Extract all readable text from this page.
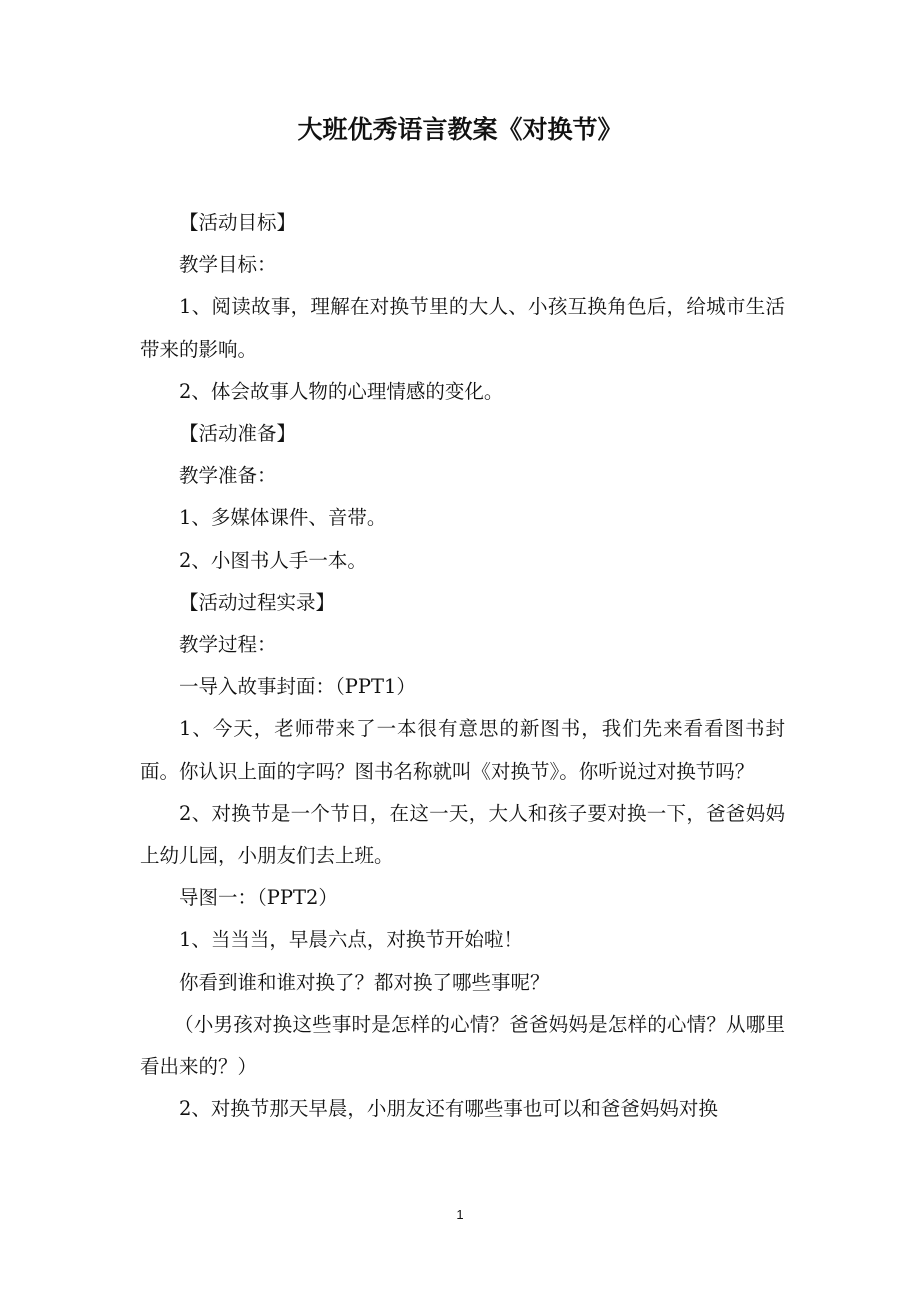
大班优秀语言教案《对换节》

【活动目标】

教学目标：

1、阅读故事，理解在对换节里的大人、小孩互换角色后，给城市生活带来的影响。

2、体会故事人物的心理情感的变化。

【活动准备】

教学准备：

1、多媒体课件、音带。

2、小图书人手一本。

【活动过程实录】

教学过程：

一导入故事封面：（PPT1）

1、今天，老师带来了一本很有意思的新图书，我们先来看看图书封面。你认识上面的字吗？图书名称就叫《对换节》。你听说过对换节吗？

2、对换节是一个节日，在这一天，大人和孩子要对换一下，爸爸妈妈上幼儿园，小朋友们去上班。

导图一：（PPT2）

1、当当当，早晨六点，对换节开始啦！

你看到谁和谁对换了？都对换了哪些事呢？

（小男孩对换这些事时是怎样的心情？爸爸妈妈是怎样的心情？从哪里看出来的？）

2、对换节那天早晨，小朋友还有哪些事也可以和爸爸妈妈对换

1
